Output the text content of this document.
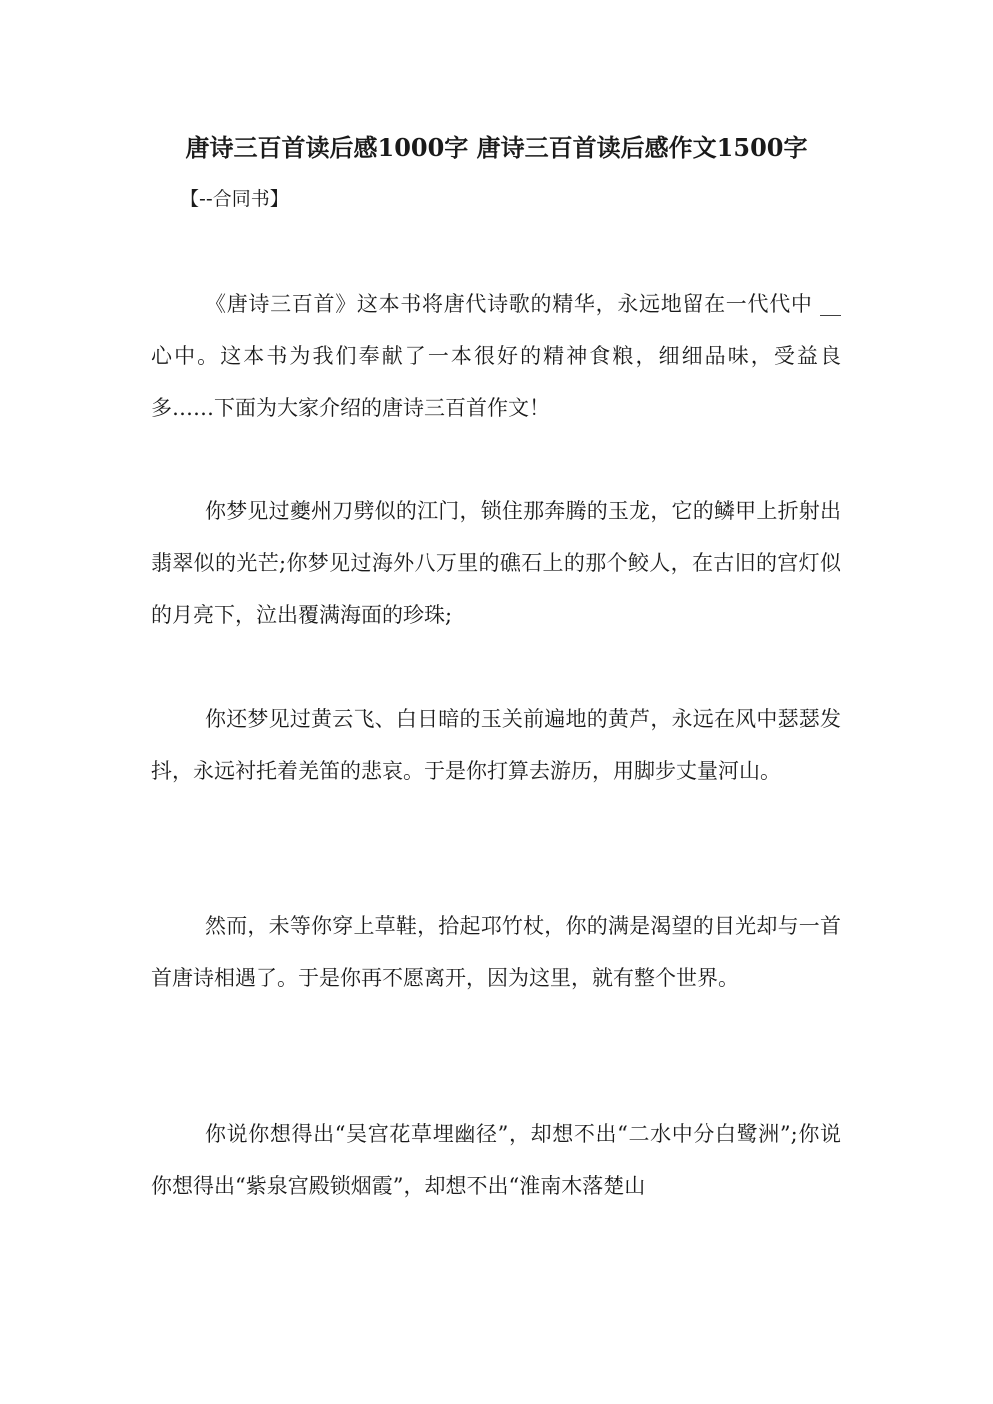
唐诗三百首读后感1000字 唐诗三百首读后感作文1500字
【--合同书】

《唐诗三百首》这本书将唐代诗歌的精华，永远地留在一代代中 __心中。这本书为我们奉献了一本很好的精神食粮，细细品味，受益良多……下面为大家介绍的唐诗三百首作文！

你梦见过夔州刀劈似的江门，锁住那奔腾的玉龙，它的鳞甲上折射出翡翠似的光芒;你梦见过海外八万里的礁石上的那个鲛人，在古旧的宫灯似的月亮下，泣出覆满海面的珍珠;

你还梦见过黄云飞、白日暗的玉关前遍地的黄芦，永远在风中瑟瑟发抖，永远衬托着羌笛的悲哀。于是你打算去游历，用脚步丈量河山。

然而，未等你穿上草鞋，拾起邛竹杖，你的满是渴望的目光却与一首首唐诗相遇了。于是你再不愿离开，因为这里，就有整个世界。

你说你想得出“吴宫花草埋幽径”，却想不出“二水中分白鹭洲”;你说你想得出“紫泉宫殿锁烟霞”，却想不出“淮南木落楚山
